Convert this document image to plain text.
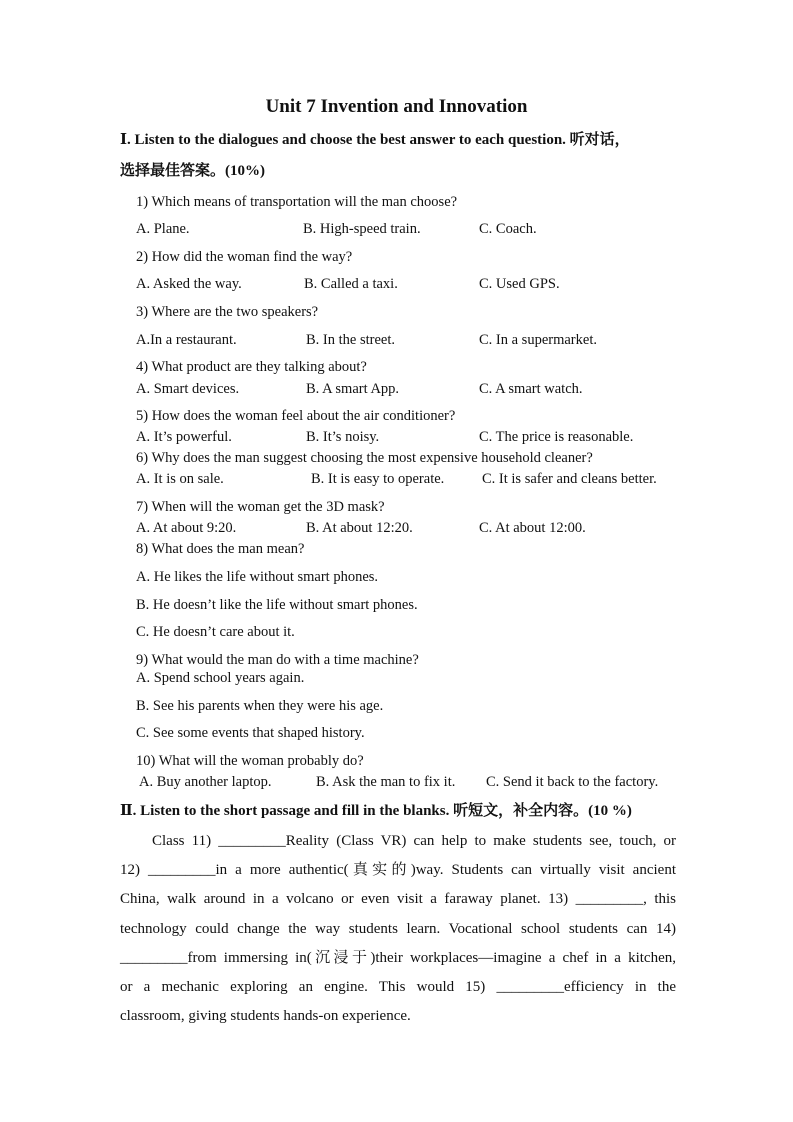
Unit 7 Invention and Innovation
Ⅰ. Listen to the dialogues and choose the best answer to each question. 听对话，
选择最佳答案。(10%)
1) Which means of transportation will the man choose?
A. Plane.	B. High-speed train.	C. Coach.
2) How did the woman find the way?
A. Asked the way.	B. Called a taxi.	C. Used GPS.
3) Where are the two speakers?
A.In a restaurant.	B. In the street.	C. In a supermarket.
4) What product are they talking about?
A. Smart devices.	B. A smart App.	C. A smart watch.
5) How does the woman feel about the air conditioner?
A. It’s powerful.	B. It’s noisy.	C. The price is reasonable.
6) Why does the man suggest choosing the most expensive household cleaner?
A. It is on sale.	B. It is easy to operate.	C. It is safer and cleans better.
7) When will the woman get the 3D mask?
A. At about 9:20.	B. At about 12:20.	C. At about 12:00.
8) What does the man mean?
A. He likes the life without smart phones.
B. He doesn’t like the life without smart phones.
C. He doesn’t care about it.
9) What would the man do with a time machine?
A. Spend school years again.
B. See his parents when they were his age.
C. See some events that shaped history.
10) What will the woman probably do?
A. Buy another laptop.	B. Ask the man to fix it. C. Send it back to the factory.
Ⅱ. Listen to the short passage and fill in the blanks. 听短文，补全内容。(10 %)
Class 11) _________Reality (Class VR) can help to make students see, touch, or
12) _________in a more authentic(真实的)way. Students can virtually visit ancient
China, walk around in a volcano or even visit a faraway planet. 13) _________, this
technology could change the way students learn. Vocational school students can 14)
_________from immersing in(沉浸于)their workplaces—imagine a chef in a kitchen,
or a mechanic exploring an engine. This would 15) _________efficiency in the
classroom, giving students hands-on experience.
